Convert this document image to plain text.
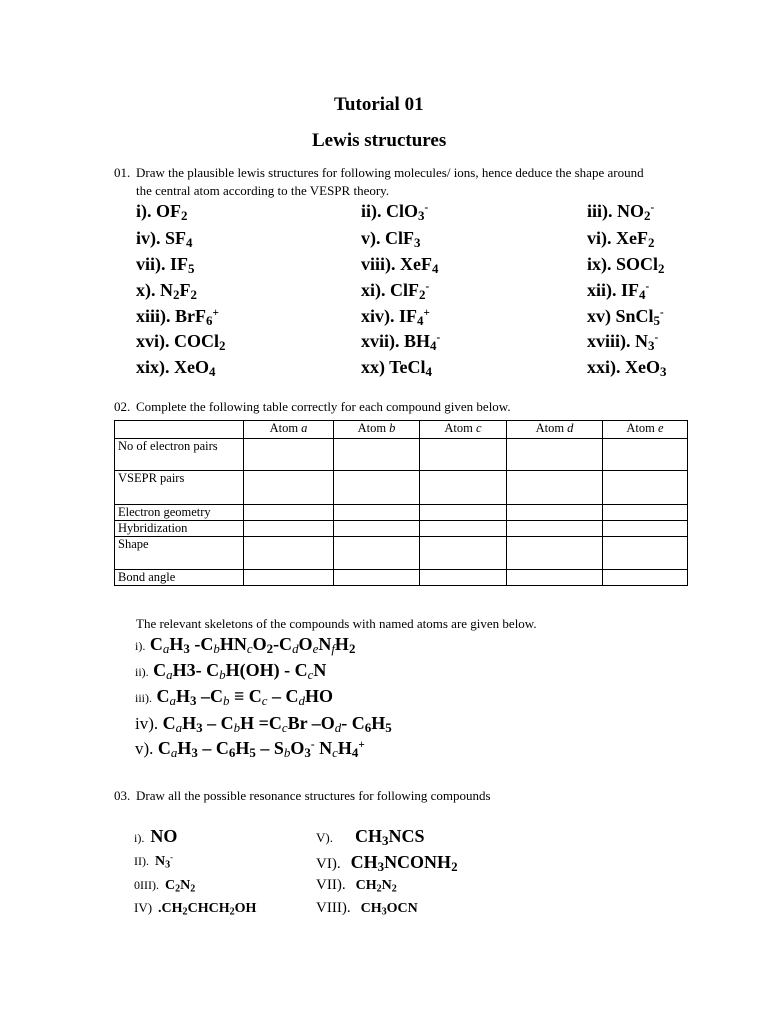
Tutorial 01
Lewis structures
01. Draw the plausible lewis structures for following molecules/ ions, hence deduce the shape around
the central atom according to the VESPR theory.
i). $OF_2$	ii). ClO$_3$-	iii). $NO_2^-$
iv). $SF_4$	v). ClF$_3$	vi). XeF$_2$
vii). $IF_5$	viii). XeF$_4$	ix). SOCl$_2$
x). $N_2F_2$	xi). ClF$_2$-	xii). $IF_4^-$
xiii). BrF$_6$+	xiv). $IF_4^+$	xv) SnCl$_5$-
xvi). COCl$_2$	xvii). $BH_4^-$	xviii). $N_3^-$
xix). XeO$_4$	xx) TeCl$_4$	xxi). XeO$_3$
02. Complete the following table correctly for each compound given below.
	Atom a	Atom b	Atom c	Atom d	Atom e
No of electron pairs					
VSEPR pairs					
Electron geometry					
Hybridization					
Shape					
Bond angle					
The relevant skeletons of the compounds with named atoms are given below.
i). CaH$_3$ -CbHNcO$_2$-CdOeNfH$_2$
ii). CaH3- CbH(OH) - CcN
iii). CaH$_3$ –Cb ≡ Cc – CdHO
iv). CaH$_3$ – CbH =CcBr –Od- $C_6H_5$
v). $CaH_3 - C_6H_5 - SbO_3^-$ NcH$_4$+
03. Draw all the possible resonance structures for following compounds
i). NO	V). $CH_3NCS$
II). $N_3^-$	VI). $CH_3NCONH_2$
0III). $C_2N_2$	VII). $CH_2N_2$
IV) $.CH_2CHCH_2OH$	VIII). $CH_3OCN$
